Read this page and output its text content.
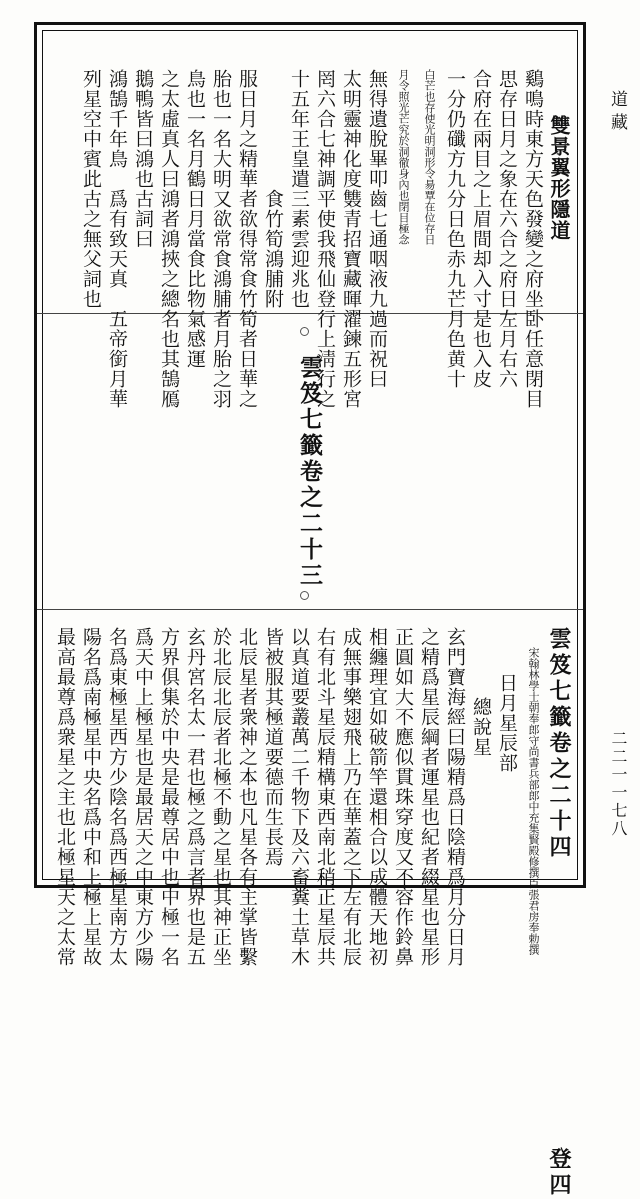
雙景翼形隱道
鷄鳴時東方天色發變之府坐卧任意閉目
思存日月之象在六合之府日左月右六
合府在兩目之上眉間却入寸是也入皮
一分仍䃸方九分日色赤九芒月色黄十
白芒也存使光明洞形令昜覃在位存日
月令照光芒究於洞徹身內也閉目極念
無得遺脫畢叩齒七通咽液九過而祝曰
太明靈神化度䨇青招寶藏暉濯鍊五形宮
罔六合七神調平使我飛仙登行上淸行之
十五年王皇遣三素雲迎兆也
食竹筍鴻脯附
服日月之精華者欲得常食竹筍者日華之
胎也一名大明又欲常食鴻脯者月胎之羽
鳥也一名月鶴日月當食比物氣感運
之太虛真人曰鴻者鴻挾之總名也其鵠鴈
鵝鴨皆曰鴻也古詞曰
鴻鵠千年鳥　爲有致天真　五帝銜月華
列星空中賓此古之無父詞也
雲笈七籤卷之二十三
雲笈七籤卷之二十四　　　　　　　　　　　登四
宋翰林學士朝奉郎守尚書兵部郎中充集賢殿修撰臣張君房奉勅撰
日月星辰部
總說星
玄門寶海經曰陽精爲日陰精爲月分日月
之精爲星辰綱者運星也紀者綴星也星形
正圓如大不應似貫珠穿度又不容作鈴鼻
相纏理宜如破箭竿還相合以成體天地初
成無事樂翅飛上乃在華蓋之下左有北辰
右有北斗星辰精構東西南北稍正星辰共
以真道要叢萬二千物下及六畜糞土草木
皆被服其極道要德而生長焉
北辰星者衆神之本也凡星各有主掌皆繫
於北辰北辰者北極不動之星也其神正坐
玄丹宮名太一君也極之爲言者界也是五
方界俱集於中央是最尊居中也中極一名
爲天中上極星也是最居天之中東方少陽
名爲東極星西方少陰名爲西極星南方太
陽名爲南極星中央名爲中和上極上星故
最高最尊爲衆星之主也北極星天之太常
道藏
二二一一七八
